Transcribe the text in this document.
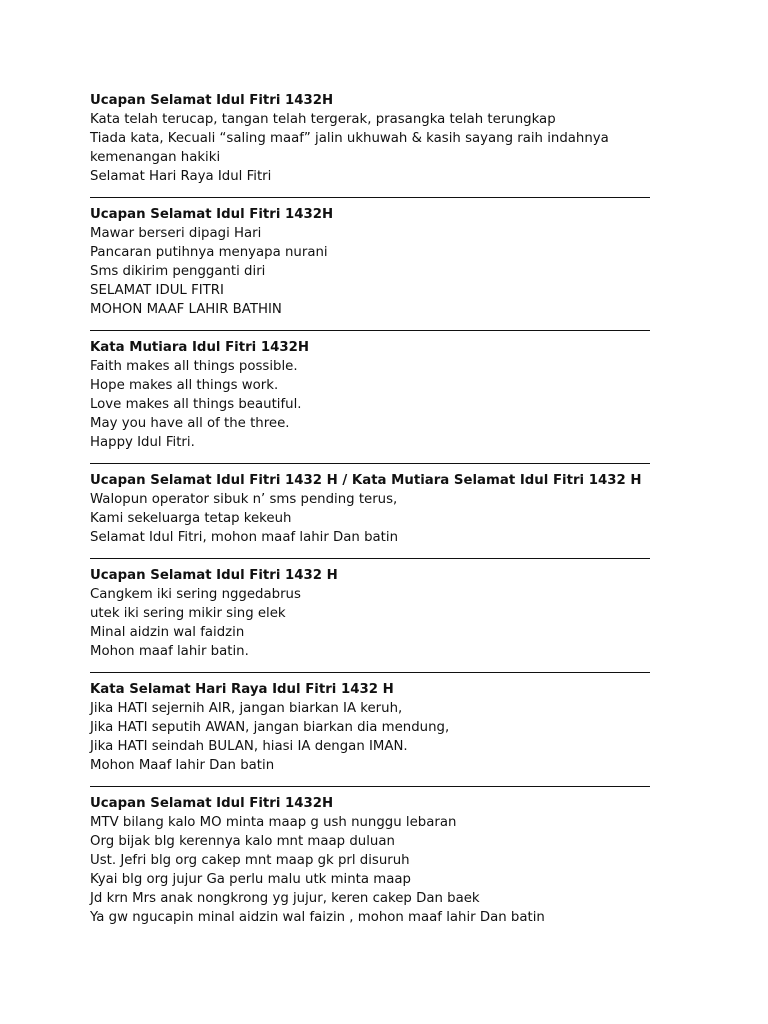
Ucapan Selamat Idul Fitri 1432H

Kata telah terucap, tangan telah tergerak, prasangka telah terungkap

Tiada kata, Kecuali “saling maaf” jalin ukhuwah & kasih sayang raih indahnya

kemenangan hakiki

Selamat Hari Raya Idul Fitri

Ucapan Selamat Idul Fitri 1432H

Mawar berseri dipagi Hari

Pancaran putihnya menyapa nurani

Sms dikirim pengganti diri

SELAMAT IDUL FITRI

MOHON MAAF LAHIR BATHIN

Kata Mutiara Idul Fitri 1432H

Faith makes all things possible.

Hope makes all things work.

Love makes all things beautiful.

May you have all of the three.

Happy Idul Fitri.

Ucapan Selamat Idul Fitri 1432 H / Kata Mutiara Selamat Idul Fitri 1432 H

Walopun operator sibuk n’ sms pending terus,

Kami sekeluarga tetap kekeuh

Selamat Idul Fitri, mohon maaf lahir Dan batin

Ucapan Selamat Idul Fitri 1432 H

Cangkem iki sering nggedabrus

utek iki sering mikir sing elek

Minal aidzin wal faidzin

Mohon maaf lahir batin.

Kata Selamat Hari Raya Idul Fitri 1432 H

Jika HATI sejernih AIR, jangan biarkan IA keruh,

Jika HATI seputih AWAN, jangan biarkan dia mendung,

Jika HATI seindah BULAN, hiasi IA dengan IMAN.

Mohon Maaf lahir Dan batin

Ucapan Selamat Idul Fitri 1432H

MTV bilang kalo MO minta maap g ush nunggu lebaran

Org bijak blg kerennya kalo mnt maap duluan

Ust. Jefri blg org cakep mnt maap gk prl disuruh

Kyai blg org jujur Ga perlu malu utk minta maap

Jd krn Mrs anak nongkrong yg jujur, keren cakep Dan baek

Ya gw ngucapin minal aidzin wal faizin , mohon maaf lahir Dan batin
